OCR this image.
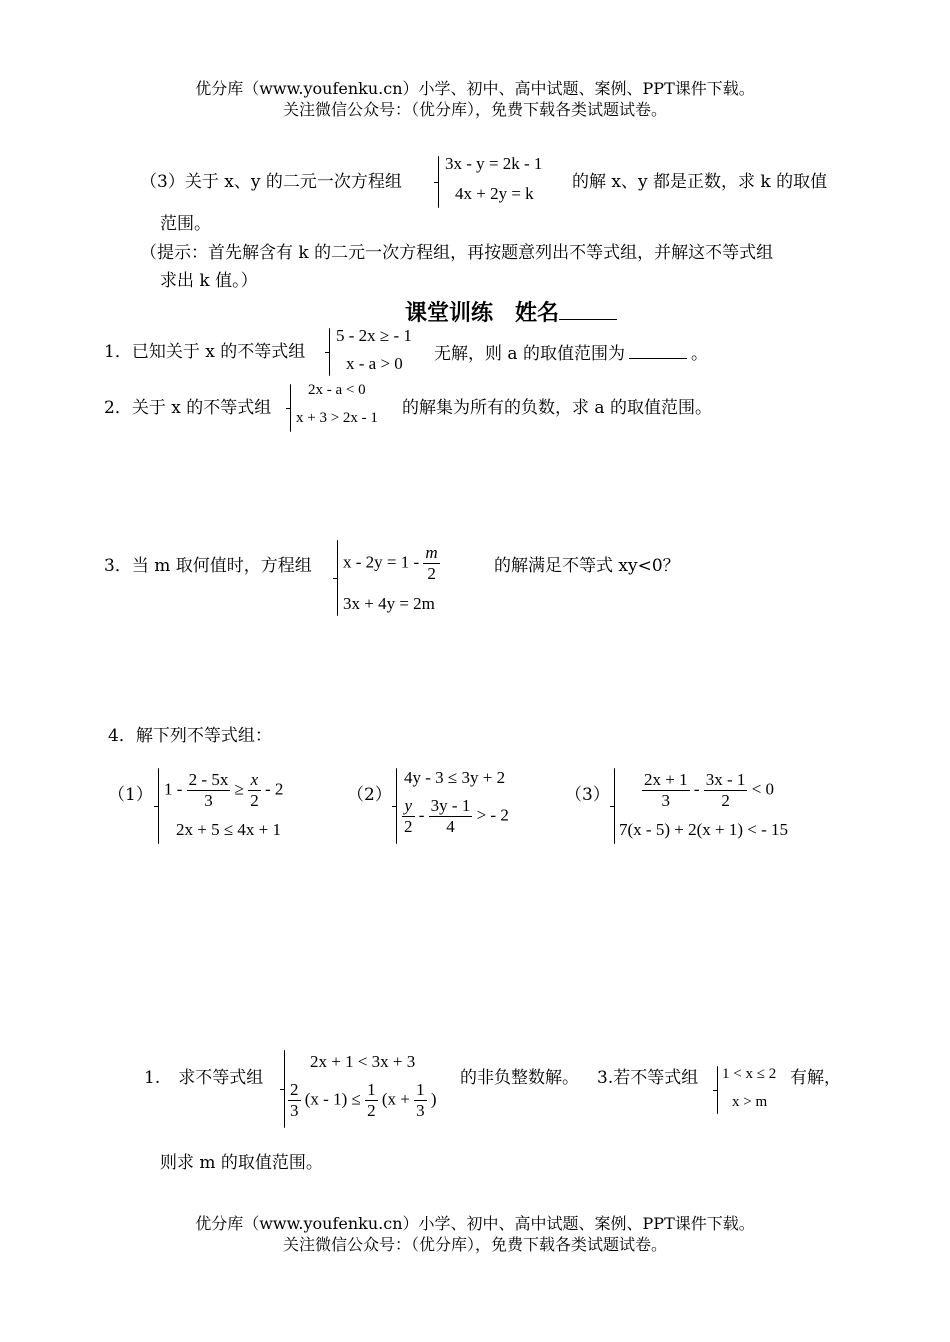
优分库（www.youfenku.cn）小学、初中、高中试题、案例、PPT课件下载。
关注微信公众号：（优分库），免费下载各类试题试卷。
（3）关于 x、y 的二元一次方程组
3x - y = 2k - 1
4x + 2y = k
的解 x、y 都是正数，求 k 的取值
范围。
（提示：首先解含有 k 的二元一次方程组，再按题意列出不等式组，并解这不等式组
求出 k 值。）
课堂训练　姓名
1．已知关于 x 的不等式组
5 - 2x ≥ - 1
x - a > 0 无解，则 a 的取值范围为	。
2．关于 x 的不等式组
2x - a < 0
x + 3 > 2x - 1 的解集为所有的负数，求 a 的取值范围。
3．当 m 取何值时，方程组 $x - 2y = 1 - \frac{m}{2}$
3x + 4y = 2m
的解满足不等式 xy<0？
4．解下列不等式组：
（1） $1 - \frac{2 - 5x}{3} \ge \frac{x}{2} - 2$
2x + 5 ≤ 4x + 1
（2）
4y - 3 ≤ 3y + 2
$\frac{y}{2} - \frac{3y - 1}{4}$ > - 2
$(3) \frac{2x + 1}{3} - \frac{3x - 1}{2} < 0$
7(x - 5) + 2(x + 1) < - 15
1. 求不等式组
2x + 1 < 3x + 3
$\frac{2}{3} (x - 1) \le \frac{1}{2} (x + \frac{1}{3}$ )
的非负整数解。 3.若不等式组 1 < x ≤ 2
x > m
有解，
则求 m 的取值范围。
优分库（www.youfenku.cn）小学、初中、高中试题、案例、PPT课件下载。
关注微信公众号：（优分库），免费下载各类试题试卷。
